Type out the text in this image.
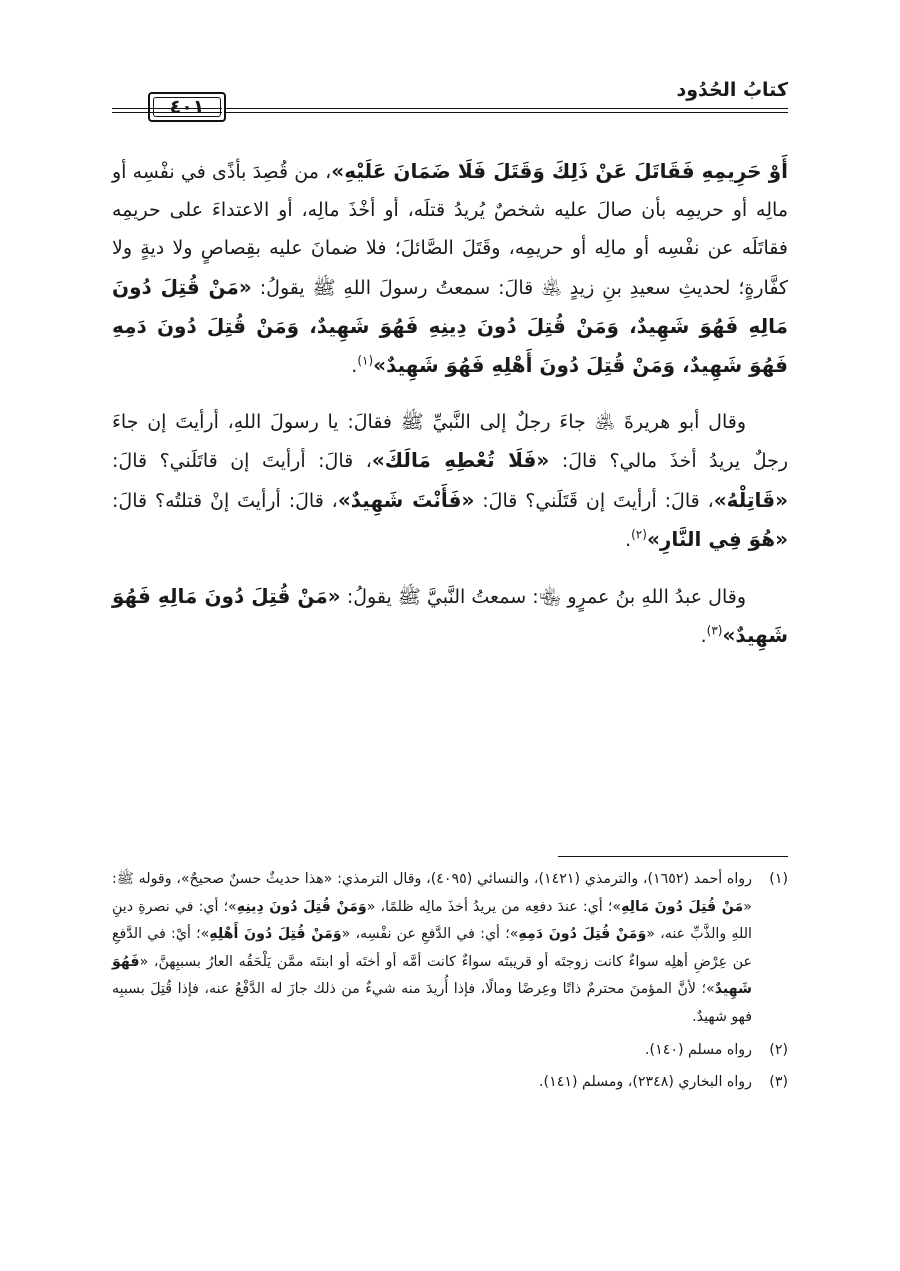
كتابُ الحُدُود
٤٠١

أَوْ حَرِيمِهِ فَقَاتَلَ عَنْ ذَلِكَ وَقَتَلَ فَلَا ضَمَانَ عَلَيْهِ»، من قُصِدَ بأذًى في نفْسِه أو مالِه أو حريمِه بأن صالَ عليه شخصٌ يُريدُ قتلَه، أو أخْذَ مالِه، أو الاعتداءَ على حريمِه فقاتَلَه عن نفْسِه أو مالِه أو حريمِه، وقَتَلَ الصَّائلَ؛ فلا ضمانَ عليه بقِصاصٍ ولا ديةٍ ولا كفَّارةٍ؛ لحديثِ سعيدِ بنِ زيدٍ ﵁ قالَ: سمعتُ رسولَ اللهِ ﷺ يقولُ: «مَنْ قُتِلَ دُونَ مَالِهِ فَهُوَ شَهِيدٌ، وَمَنْ قُتِلَ دُونَ دِينِهِ فَهُوَ شَهِيدٌ، وَمَنْ قُتِلَ دُونَ دَمِهِ فَهُوَ شَهِيدٌ، وَمَنْ قُتِلَ دُونَ أَهْلِهِ فَهُوَ شَهِيدٌ»$^{(١)}$.

وقال أبو هريرةَ ﵁ جاءَ رجلٌ إلى النَّبيِّ ﷺ فقالَ: يا رسولَ اللهِ، أرأيتَ إن جاءَ رجلٌ يريدُ أخذَ مالي؟ قالَ: «فَلَا تُعْطِهِ مَالَكَ»، قالَ: أرأيتَ إن قاتَلَني؟ قالَ: «قَاتِلْهُ»، قالَ: أرأيتَ إن قَتَلَني؟ قالَ: «فَأَنْتَ شَهِيدٌ»، قالَ: أرأيتَ إنْ قتلتُه؟ قالَ: «هُوَ فِي النَّارِ»$^{(٢)}$.

وقال عبدُ اللهِ بنُ عمرٍو ﵄: سمعتُ النَّبيَّ ﷺ يقولُ: «مَنْ قُتِلَ دُونَ مَالِهِ فَهُوَ شَهِيدٌ»$^{(٣)}$.

(١)
رواه أحمد (١٦٥٢)، والترمذي (١٤٢١)، والنسائي (٤٠٩٥)، وقال الترمذي: «هذا حديثٌ حسنٌ صحيحٌ»، وقوله ﷺ: «مَنْ قُتِلَ دُونَ مَالِهِ»؛ أي: عندَ دفعِه من يريدُ أخذَ مالِه ظلمًا، «وَمَنْ قُتِلَ دُونَ دِينِهِ»؛ أي: في نصرةِ دينِ اللهِ والذَّبِّ عنه، «وَمَنْ قُتِلَ دُونَ دَمِهِ»؛ أي: في الدَّفعِ عن نفْسِه، «وَمَنْ قُتِلَ دُونَ أَهْلِهِ»؛ أيْ: في الدَّفعِ عن عِرْضِ أهلِه سواءٌ كانت زوجتَه أو قريبتَه سواءٌ كانت أمَّه أو أختَه أو ابنتَه ممَّن يَلْحَقُه العارُ بسببِهنَّ، «فَهُوَ شَهِيدٌ»؛ لأنَّ المؤمنَ محترمٌ ذاتًا وعِرضًا ومالًا، فإذا أُريدَ منه شيءٌ من ذلك جازَ له الدَّفْعُ عنه، فإذا قُتِلَ بسببِه فهو شهيدٌ.

(٢)
رواه مسلم (١٤٠).

(٣)
رواه البخاري (٢٣٤٨)، ومسلم (١٤١).
